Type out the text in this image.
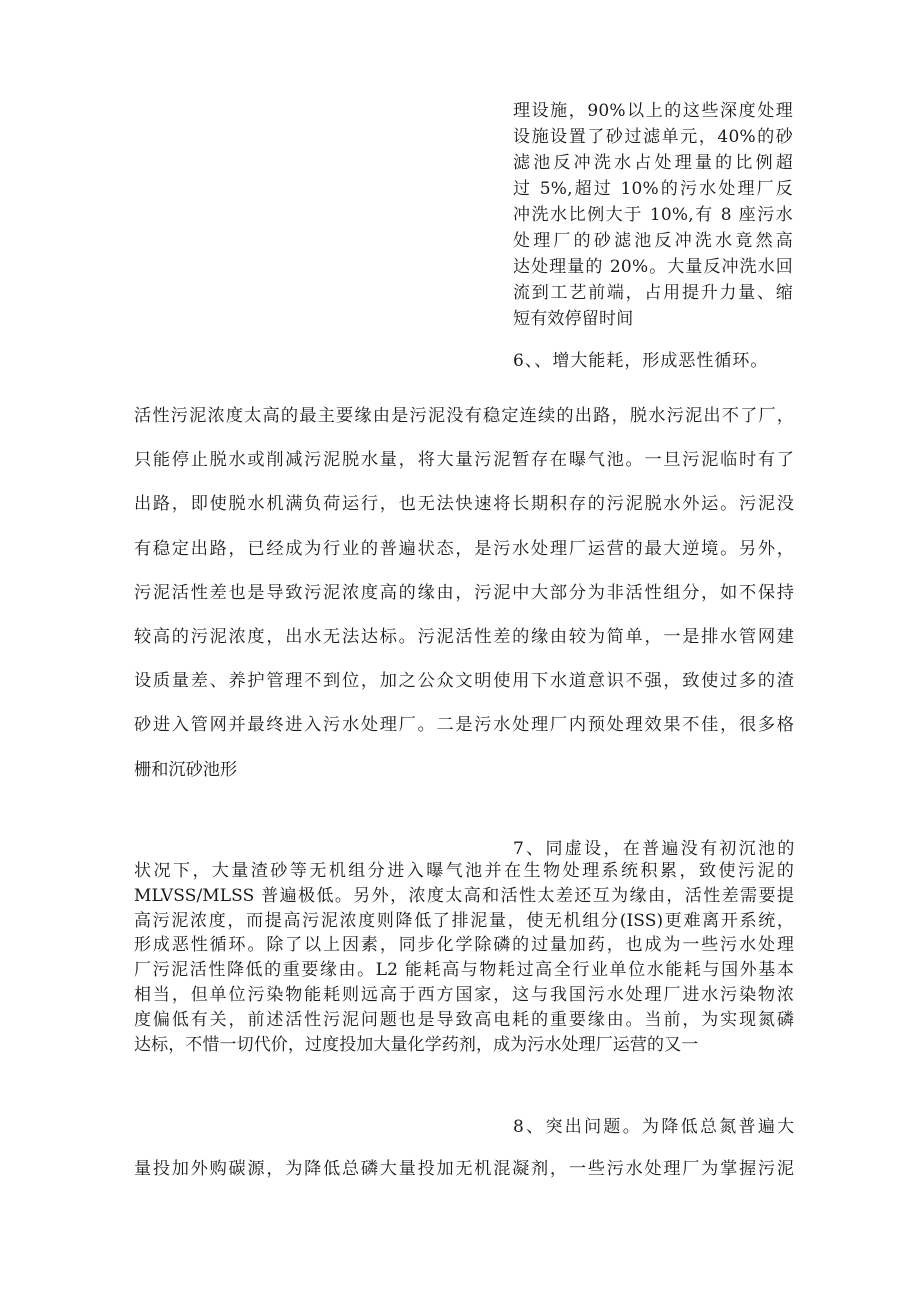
理设施，90%以上的这些深度处理
设施设置了砂过滤单元，40%的砂
滤池反冲洗水占处理量的比例超
过 5%,超过 10%的污水处理厂反
冲洗水比例大于 10%,有 8 座污水
处理厂的砂滤池反冲洗水竟然高
达处理量的 20%。大量反冲洗水回
流到工艺前端，占用提升力量、缩
短有效停留时间
6、、增大能耗，形成恶性循环。
活性污泥浓度太高的最主要缘由是污泥没有稳定连续的出路，脱水污泥出不了厂，
只能停止脱水或削减污泥脱水量，将大量污泥暂存在曝气池。一旦污泥临时有了
出路，即使脱水机满负荷运行，也无法快速将长期积存的污泥脱水外运。污泥没
有稳定出路，已经成为行业的普遍状态，是污水处理厂运营的最大逆境。另外，
污泥活性差也是导致污泥浓度高的缘由，污泥中大部分为非活性组分，如不保持
较高的污泥浓度，出水无法达标。污泥活性差的缘由较为简单，一是排水管网建
设质量差、养护管理不到位，加之公众文明使用下水道意识不强，致使过多的渣
砂进入管网并最终进入污水处理厂。二是污水处理厂内预处理效果不佳，很多格
栅和沉砂池形
7、同虚设，在普遍没有初沉池的
状况下，大量渣砂等无机组分进入曝气池并在生物处理系统积累，致使污泥的
MLVSS/MLSS 普遍极低。另外，浓度太高和活性太差还互为缘由，活性差需要提
高污泥浓度，而提高污泥浓度则降低了排泥量，使无机组分(ISS)更难离开系统，
形成恶性循环。除了以上因素，同步化学除磷的过量加药，也成为一些污水处理
厂污泥活性降低的重要缘由。L2 能耗高与物耗过高全行业单位水能耗与国外基本
相当，但单位污染物能耗则远高于西方国家，这与我国污水处理厂进水污染物浓
度偏低有关，前述活性污泥问题也是导致高电耗的重要缘由。当前，为实现氮磷
达标，不惜一切代价，过度投加大量化学药剂，成为污水处理厂运营的又一
8、突出问题。为降低总氮普遍大
量投加外购碳源，为降低总磷大量投加无机混凝剂，一些污水处理厂为掌握污泥
